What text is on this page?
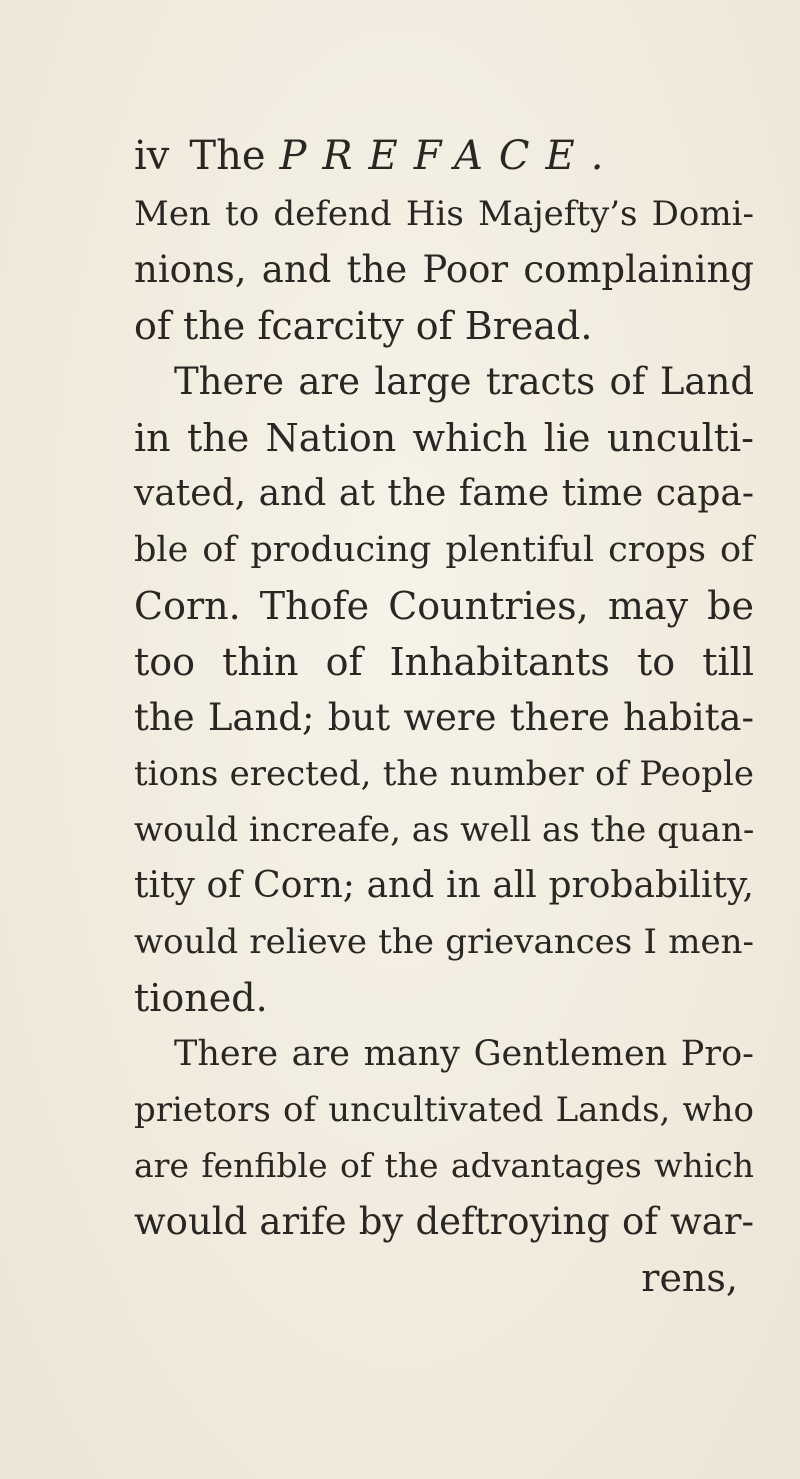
iv The PREFACE.
Men to defend His Majefty’s Domi-
nions, and the Poor complaining
of the fcarcity of Bread.
There are large tracts of Land
in the Nation which lie unculti-
vated, and at the fame time capa-
ble of producing plentiful crops of
Corn. Thofe Countries, may be
too thin of Inhabitants to till
the Land; but were there habita-
tions erected, the number of People
would increafe, as well as the quan-
tity of Corn; and in all probability,
would relieve the grievances I men-
tioned.
There are many Gentlemen Pro-
prietors of uncultivated Lands, who
are fenfible of the advantages which
would arife by deftroying of war-
rens,
